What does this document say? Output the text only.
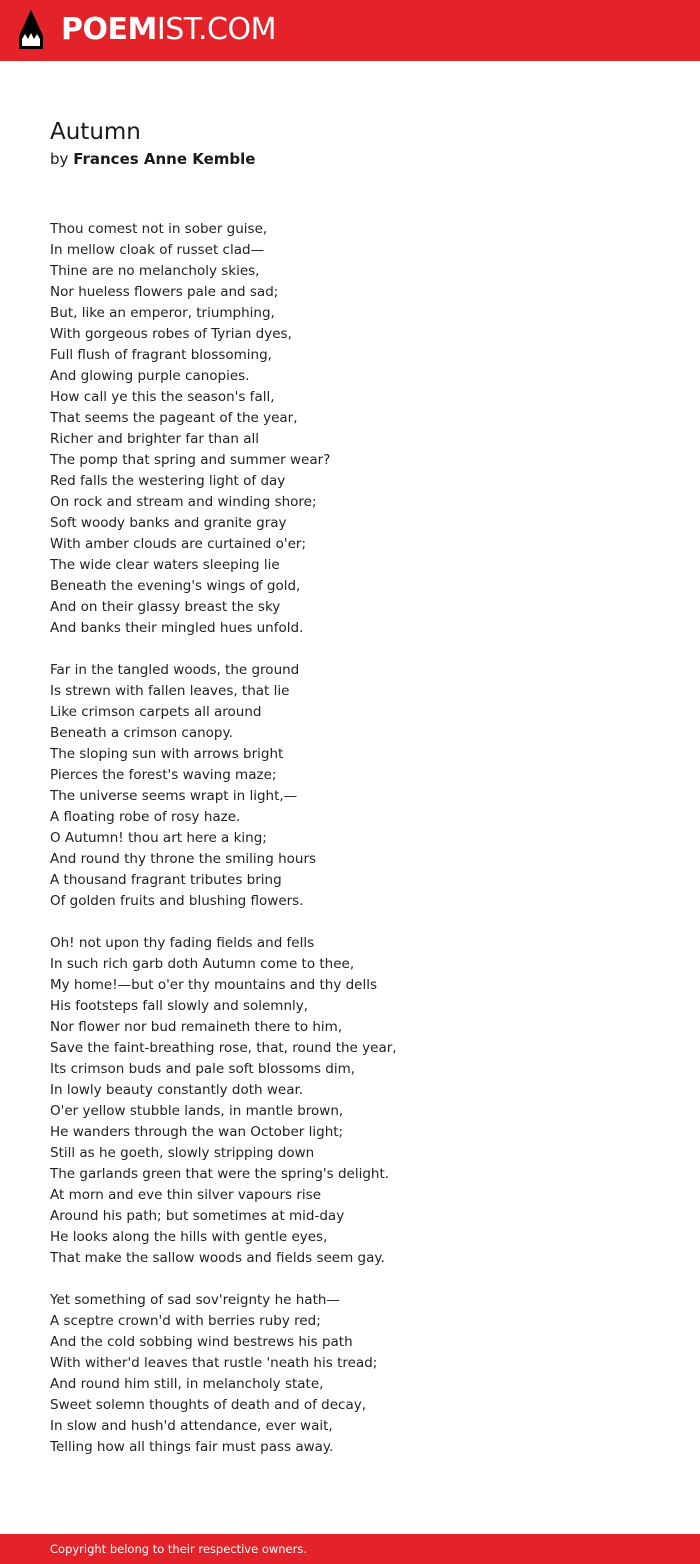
POEMIST.COM
Autumn
by Frances Anne Kemble
Thou comest not in sober guise,
In mellow cloak of russet clad—
Thine are no melancholy skies,
Nor hueless flowers pale and sad;
But, like an emperor, triumphing,
With gorgeous robes of Tyrian dyes,
Full flush of fragrant blossoming,
And glowing purple canopies.
How call ye this the season's fall,
That seems the pageant of the year,
Richer and brighter far than all
The pomp that spring and summer wear?
Red falls the westering light of day
On rock and stream and winding shore;
Soft woody banks and granite gray
With amber clouds are curtained o'er;
The wide clear waters sleeping lie
Beneath the evening's wings of gold,
And on their glassy breast the sky
And banks their mingled hues unfold.
Far in the tangled woods, the ground
Is strewn with fallen leaves, that lie
Like crimson carpets all around
Beneath a crimson canopy.
The sloping sun with arrows bright
Pierces the forest's waving maze;
The universe seems wrapt in light,—
A floating robe of rosy haze.
O Autumn! thou art here a king;
And round thy throne the smiling hours
A thousand fragrant tributes bring
Of golden fruits and blushing flowers.
Oh! not upon thy fading fields and fells
In such rich garb doth Autumn come to thee,
My home!—but o'er thy mountains and thy dells
His footsteps fall slowly and solemnly,
Nor flower nor bud remaineth there to him,
Save the faint-breathing rose, that, round the year,
Its crimson buds and pale soft blossoms dim,
In lowly beauty constantly doth wear.
O'er yellow stubble lands, in mantle brown,
He wanders through the wan October light;
Still as he goeth, slowly stripping down
The garlands green that were the spring's delight.
At morn and eve thin silver vapours rise
Around his path; but sometimes at mid-day
He looks along the hills with gentle eyes,
That make the sallow woods and fields seem gay.
Yet something of sad sov'reignty he hath—
A sceptre crown'd with berries ruby red;
And the cold sobbing wind bestrews his path
With wither'd leaves that rustle 'neath his tread;
And round him still, in melancholy state,
Sweet solemn thoughts of death and of decay,
In slow and hush'd attendance, ever wait,
Telling how all things fair must pass away.
Copyright belong to their respective owners.
